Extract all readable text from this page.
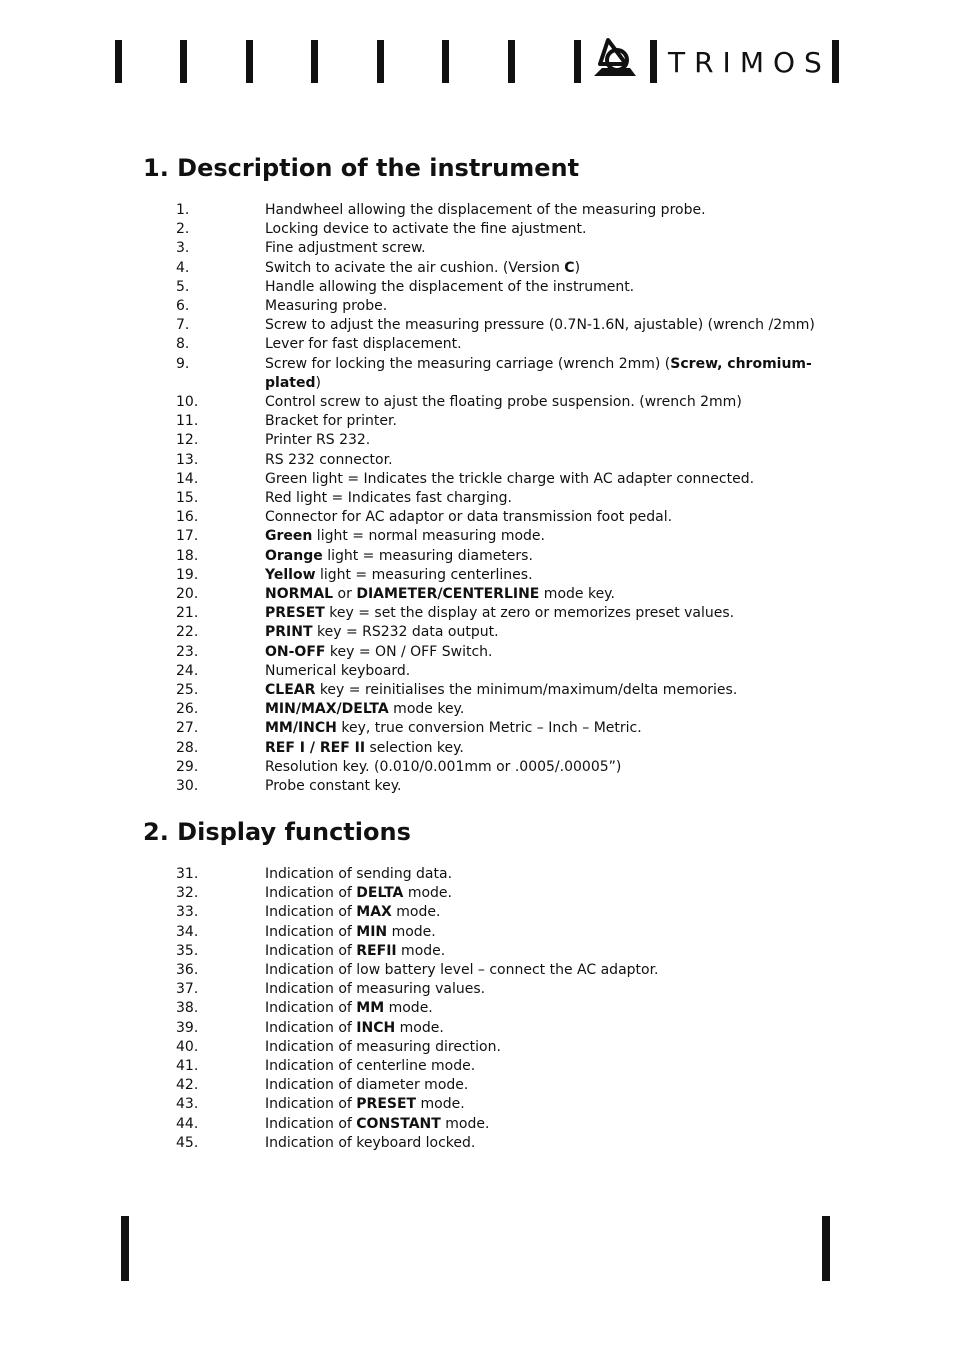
TRIMOS
1. Description of the instrument
1.	Handwheel allowing the displacement of the measuring probe.
2.	Locking device to activate the fine ajustment.
3.	Fine adjustment screw.
4.	Switch to acivate the air cushion. (Version C)
5.	Handle allowing the displacement of the instrument.
6.	Measuring probe.
7.	Screw to adjust the measuring pressure (0.7N-1.6N, ajustable) (wrench /2mm)
8.	Lever for fast displacement.
9.	Screw for locking the measuring carriage (wrench 2mm) (Screw, chromium-plated)
10.	Control screw to ajust the floating probe suspension. (wrench 2mm)
11.	Bracket for printer.
12.	Printer RS 232.
13.	RS 232 connector.
14.	Green light = Indicates the trickle charge with AC adapter connected.
15.	Red light = Indicates fast charging.
16.	Connector for AC adaptor or data transmission foot pedal.
17.	Green light = normal measuring mode.
18.	Orange light = measuring diameters.
19.	Yellow light = measuring centerlines.
20.	NORMAL or DIAMETER/CENTERLINE mode key.
21.	PRESET key = set the display at zero or memorizes preset values.
22.	PRINT key = RS232 data output.
23.	ON-OFF key = ON / OFF Switch.
24.	Numerical keyboard.
25.	CLEAR key = reinitialises the minimum/maximum/delta memories.
26.	MIN/MAX/DELTA mode key.
27.	MM/INCH key, true conversion Metric – Inch – Metric.
28.	REF I / REF II selection key.
29.	Resolution key. (0.010/0.001mm or .0005/.00005”)
30.	Probe constant key.
2. Display functions
31.	Indication of sending data.
32.	Indication of DELTA mode.
33.	Indication of MAX mode.
34.	Indication of MIN mode.
35.	Indication of REFII mode.
36.	Indication of low battery level – connect the AC adaptor.
37.	Indication of measuring values.
38.	Indication of MM mode.
39.	Indication of INCH mode.
40.	Indication of measuring direction.
41.	Indication of centerline mode.
42.	Indication of diameter mode.
43.	Indication of PRESET mode.
44.	Indication of CONSTANT mode.
45.	Indication of keyboard locked.
